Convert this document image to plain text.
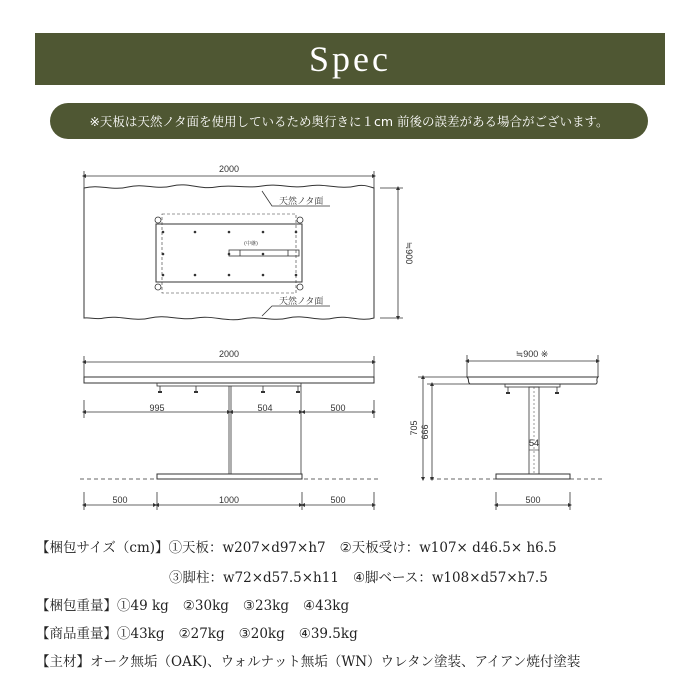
Spec
※天板は天然ノタ面を使用しているため奥行きに１cm 前後の誤差がある場合がございます。
2000
≒900
天然ノタ面
天然ノタ面
(中継)
2000
995	504	500
500	1000	500
≒900 ※
705 666
54
500
【梱包サイズ（cm)】①天板：w207×d97×h7 ②天板受け：w107× d46.5× h6.5
③脚柱：w72×d57.5×h11 ④脚ベース：w108×d57×h7.5
【梱包重量】①49 kg ②30kg ③23kg ④43kg
【商品重量】①43kg ②27kg ③20kg ④39.5kg
【主材】オーク無垢（OAK)、ウォルナット無垢（WN）ウレタン塗装、アイアン焼付塗装
